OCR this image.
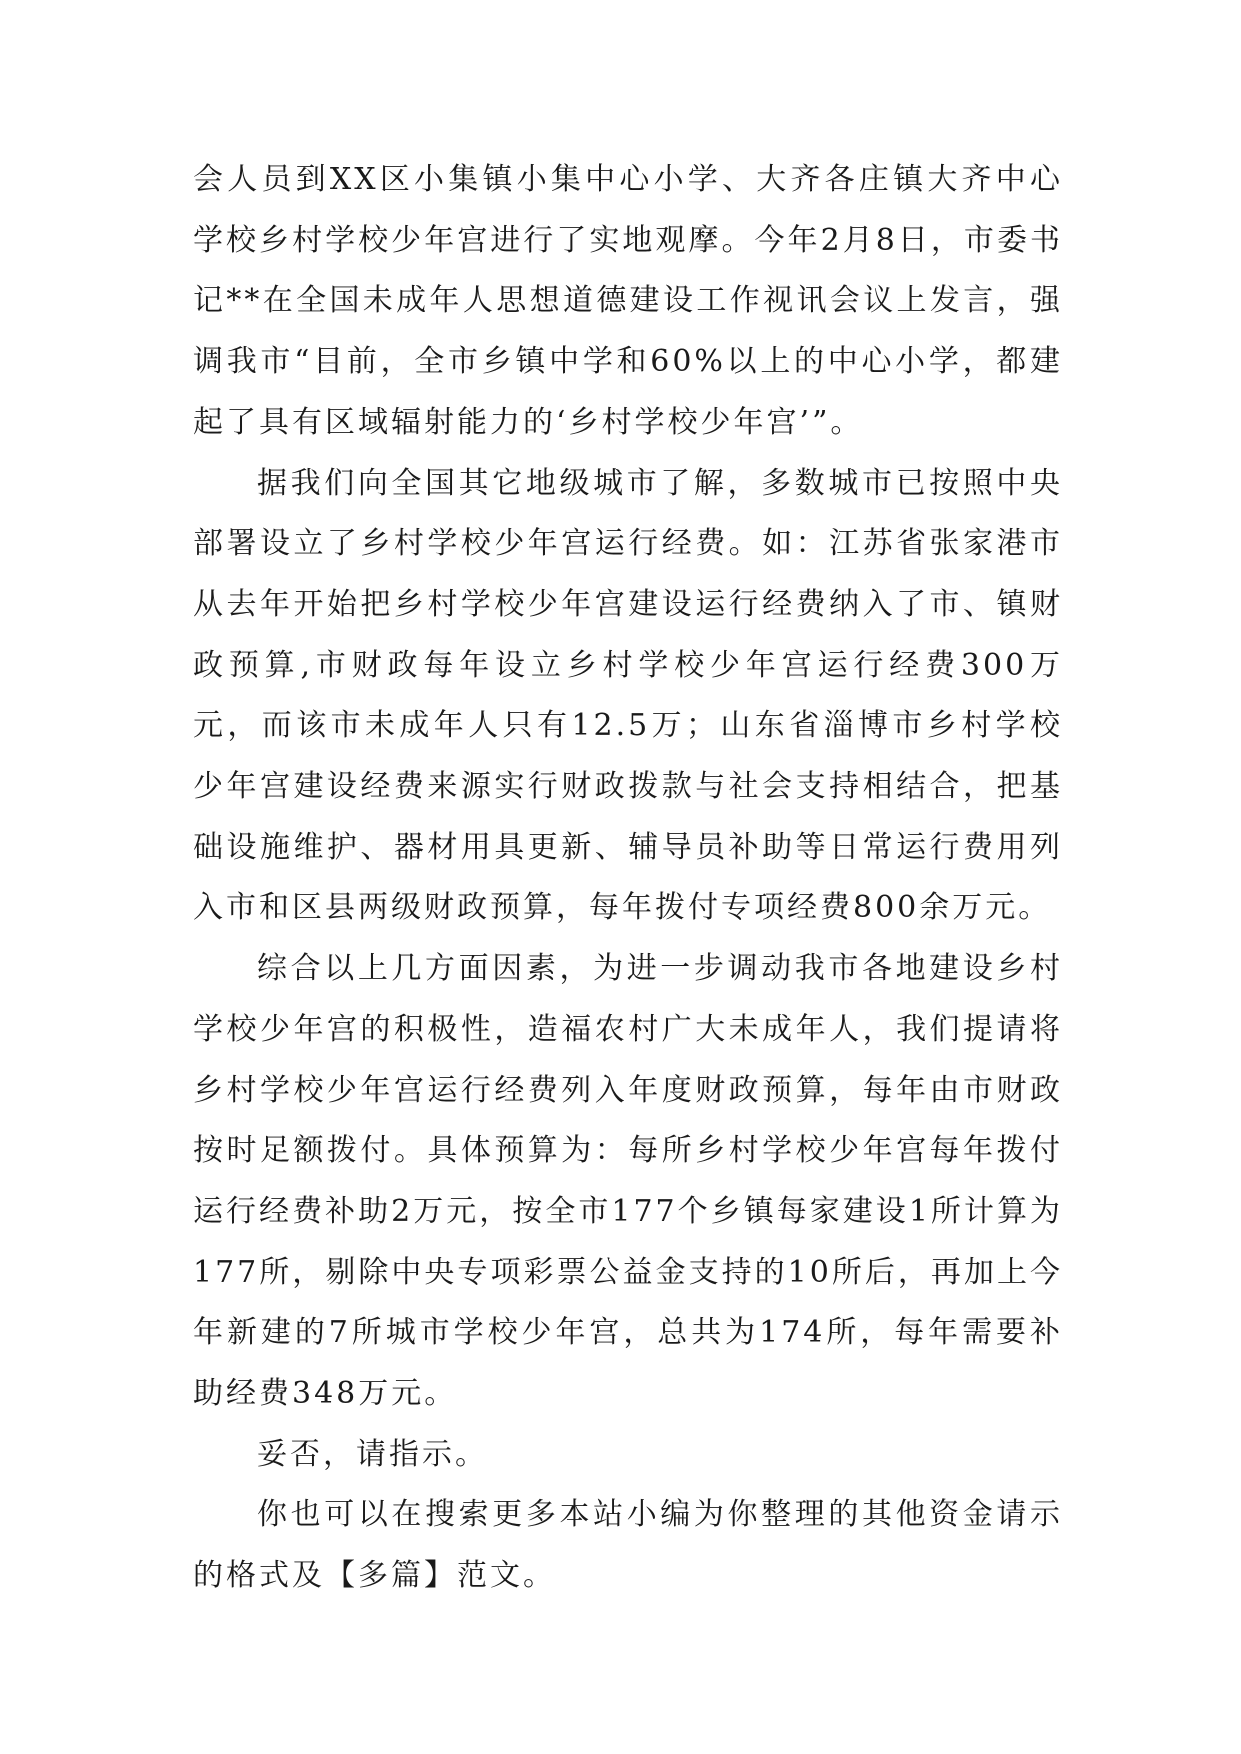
会人员到XX区小集镇小集中心小学、大齐各庄镇大齐中心学校乡村学校少年宫进行了实地观摩。今年2月8日，市委书记**在全国未成年人思想道德建设工作视讯会议上发言，强调我市“目前，全市乡镇中学和60%以上的中心小学，都建起了具有区域辐射能力的‘乡村学校少年宫’”。

据我们向全国其它地级城市了解，多数城市已按照中央部署设立了乡村学校少年宫运行经费。如：江苏省张家港市从去年开始把乡村学校少年宫建设运行经费纳入了市、镇财政预算,市财政每年设立乡村学校少年宫运行经费300万元，而该市未成年人只有12.5万；山东省淄博市乡村学校少年宫建设经费来源实行财政拨款与社会支持相结合，把基础设施维护、器材用具更新、辅导员补助等日常运行费用列入市和区县两级财政预算，每年拨付专项经费800余万元。

综合以上几方面因素，为进一步调动我市各地建设乡村学校少年宫的积极性，造福农村广大未成年人，我们提请将乡村学校少年宫运行经费列入年度财政预算，每年由市财政按时足额拨付。具体预算为：每所乡村学校少年宫每年拨付运行经费补助2万元，按全市177个乡镇每家建设1所计算为177所，剔除中央专项彩票公益金支持的10所后，再加上今年新建的7所城市学校少年宫，总共为174所，每年需要补助经费348万元。

妥否，请指示。

你也可以在搜索更多本站小编为你整理的其他资金请示的格式及【多篇】范文。
